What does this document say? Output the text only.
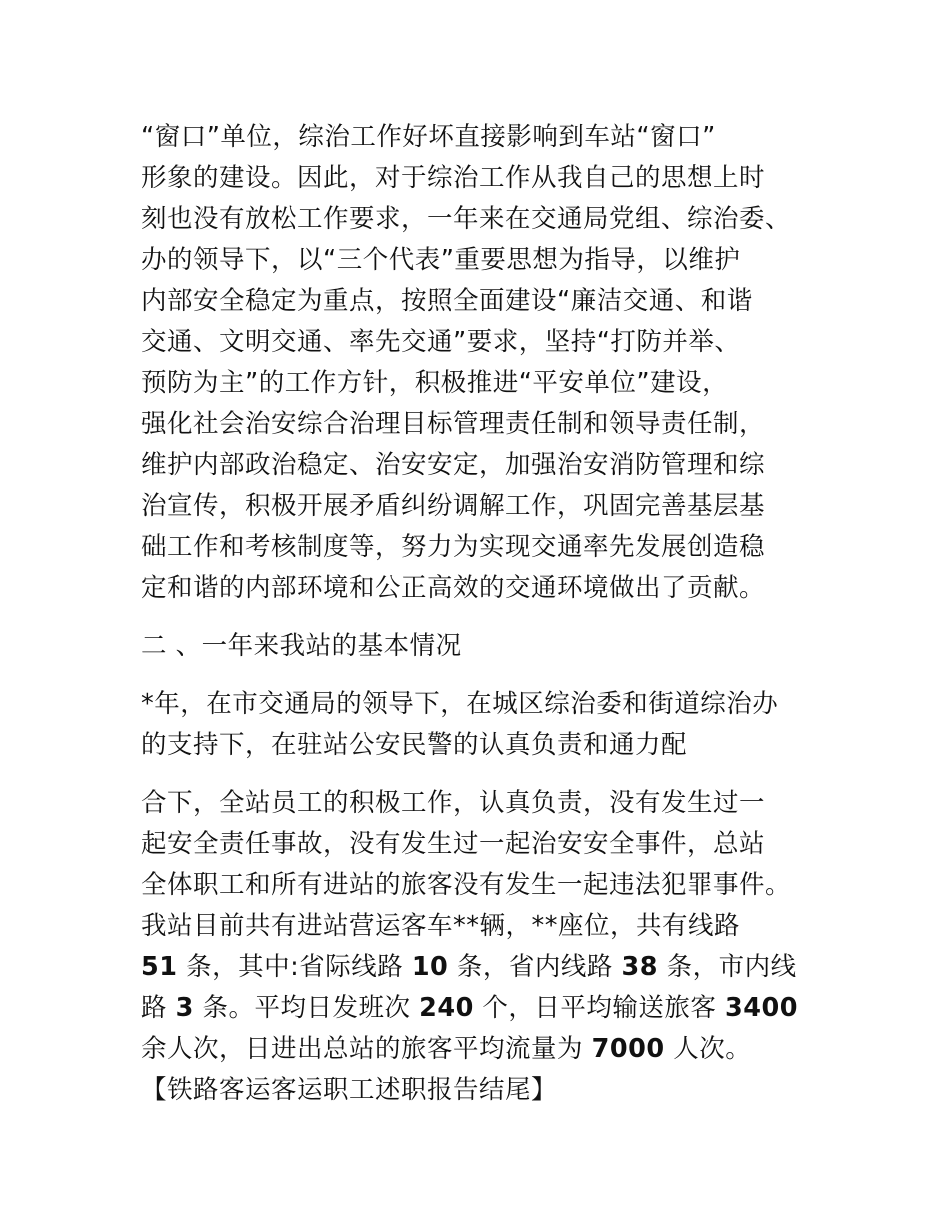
“窗口”单位，综治工作好坏直接影响到车站“窗口”
形象的建设。因此，对于综治工作从我自己的思想上时
刻也没有放松工作要求，一年来在交通局党组、综治委、
办的领导下，以“三个代表”重要思想为指导，以维护
内部安全稳定为重点，按照全面建设“廉洁交通、和谐
交通、文明交通、率先交通”要求，坚持“打防并举、
预防为主”的工作方针，积极推进“平安单位”建设，
强化社会治安综合治理目标管理责任制和领导责任制，
维护内部政治稳定、治安安定，加强治安消防管理和综
治宣传，积极开展矛盾纠纷调解工作，巩固完善基层基
础工作和考核制度等，努力为实现交通率先发展创造稳
定和谐的内部环境和公正高效的交通环境做出了贡献。
二 、一年来我站的基本情况
*年，在市交通局的领导下，在城区综治委和街道综治办
的支持下，在驻站公安民警的认真负责和通力配
合下，全站员工的积极工作，认真负责，没有发生过一
起安全责任事故，没有发生过一起治安安全事件，总站
全体职工和所有进站的旅客没有发生一起违法犯罪事件。
我站目前共有进站营运客车**辆，**座位，共有线路
51 条，其中:省际线路 10 条，省内线路 38 条，市内线
路 3 条。平均日发班次 240 个，日平均输送旅客 3400
余人次，日进出总站的旅客平均流量为 7000 人次。
【铁路客运客运职工述职报告结尾】
